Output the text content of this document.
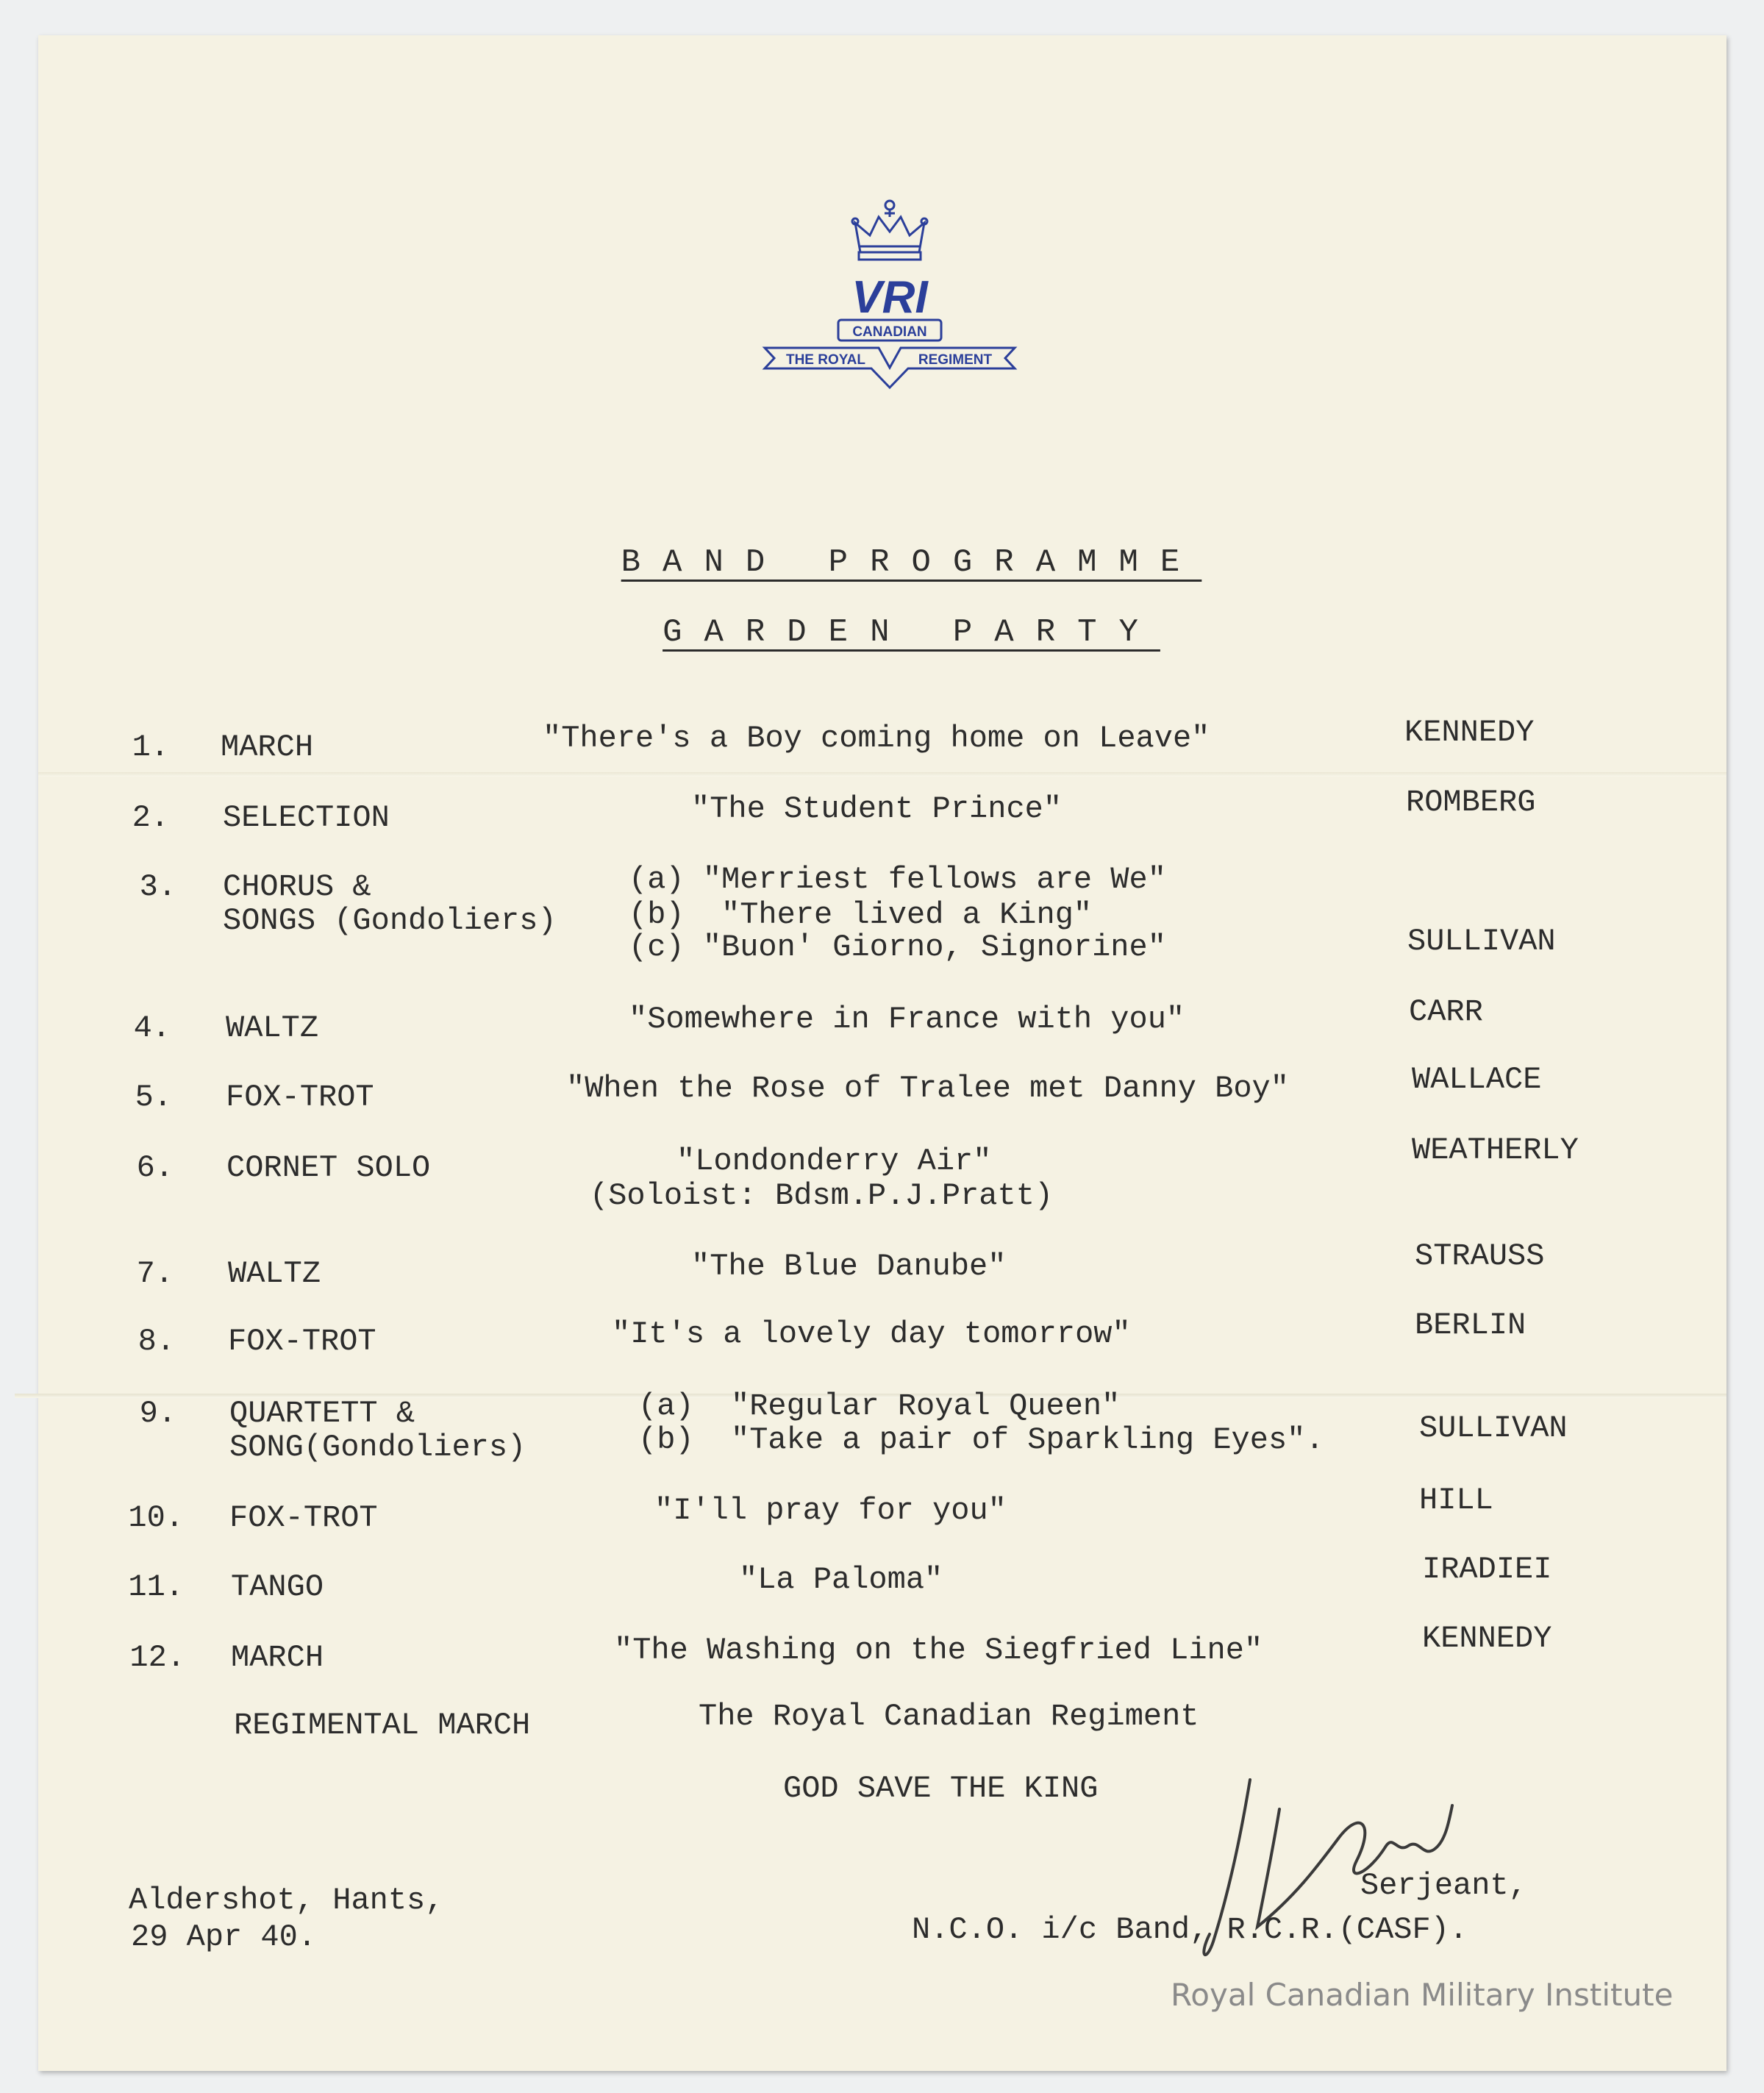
VRI
CANADIAN
THE ROYAL	REGIMENT
BAND PROGRAMME
GARDEN PARTY
1. MARCH	"There's a Boy coming home on Leave"	KENNEDY
2. SELECTION	"The Student Prince"	ROMBERG
3. CHORUS &
SONGS (Gondoliers)
(a) "Merriest fellows are We"
(b)  "There lived a King"
(c) "Buon' Giorno, Signorine"	SULLIVAN
4. WALTZ	"Somewhere in France with you"	CARR
5. FOX-TROT	"When the Rose of Tralee met Danny Boy"	WALLACE
6. CORNET SOLO	"Londonderry Air"
(Soloist: Bdsm.P.J.Pratt)
WEATHERLY
7. WALTZ	"The Blue Danube"	STRAUSS
8. FOX-TROT	"It's a lovely day tomorrow"	BERLIN
9. QUARTETT &
SONG(Gondoliers)
(a)  "Regular Royal Queen"
(b)  "Take a pair of Sparkling Eyes".	SULLIVAN
10. FOX-TROT	"I'll pray for you"	HILL
11. TANGO	"La Paloma"	IRADIEI
12. MARCH	"The Washing on the Siegfried Line"	KENNEDY
REGIMENTAL MARCH	The Royal Canadian Regiment
GOD SAVE THE KING
Aldershot, Hants,
29 Apr 40.
Serjeant,
N.C.O. i/c Band, R.C.R.(CASF).
Royal Canadian Military Institute
